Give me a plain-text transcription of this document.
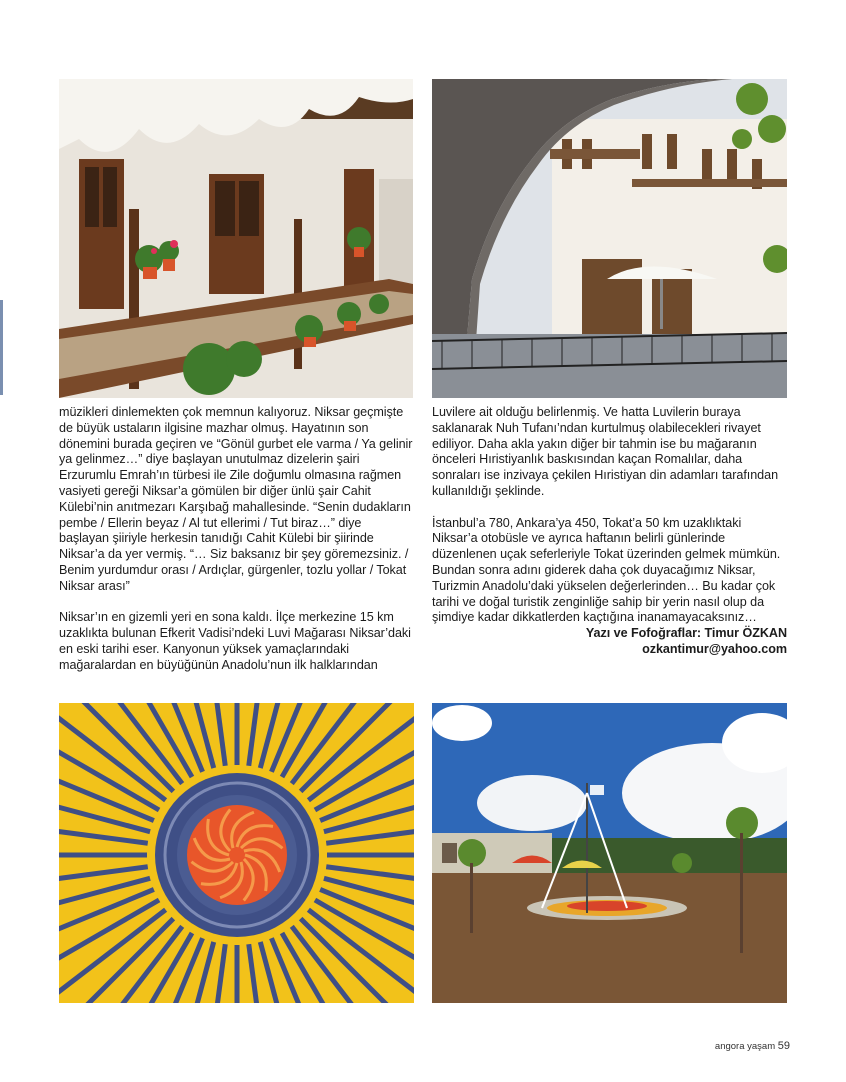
müzikleri dinlemekten çok memnun kalıyoruz. Niksar geçmişte de büyük ustaların ilgisine mazhar olmuş. Hayatının son dönemini burada geçiren ve “Gönül gurbet ele varma / Ya gelinir ya gelinmez…” diye başlayan unutulmaz dizelerin şairi Erzurumlu Emrah’ın türbesi ile Zile doğumlu olmasına rağmen vasiyeti gereği Niksar’a gömülen bir diğer ünlü şair Cahit Külebi’nin anıtmezarı Karşıbağ mahallesinde. “Senin dudakların pembe / Ellerin beyaz / Al tut ellerimi / Tut biraz…” diye başlayan şiiriyle herkesin tanıdığı Cahit Külebi bir şiirinde Niksar’a da yer vermiş. “… Siz baksanız bir şey göremezsiniz. / Benim yurdumdur orası / Ardıçlar, gürgenler, tozlu yollar / Tokat Niksar arası”

Niksar’ın en gizemli yeri en sona kaldı. İlçe merkezine 15 km uzaklıkta bulunan Efkerit Vadisi’ndeki Luvi Mağarası Niksar’daki en eski tarihi eser. Kanyonun yüksek yamaçlarındaki mağaralardan en büyüğünün Anadolu’nun ilk halklarından

Luvilere ait olduğu belirlenmiş. Ve hatta Luvilerin buraya saklanarak Nuh Tufanı’ndan kurtulmuş olabilecekleri rivayet ediliyor. Daha akla yakın diğer bir tahmin ise bu mağaranın önceleri Hıristiyanlık baskısından kaçan Romalılar, daha sonraları ise inzivaya çekilen Hıristiyan din adamları tarafından kullanıldığı şeklinde.

İstanbul’a 780, Ankara’ya 450, Tokat’a 50 km uzaklıktaki Niksar’a otobüsle ve ayrıca haftanın belirli günlerinde düzenlenen uçak seferleriyle Tokat üzerinden gelmek mümkün. Bundan sonra adını giderek daha çok duyacağımız Niksar, Turizmin Anadolu’daki yükselen değerlerinden… Bu kadar çok tarihi ve doğal turistik zenginliğe sahip bir yerin nasıl olup da şimdiye kadar dikkatlerden kaçtığına inanamayacaksınız…

Yazı ve Fofoğraflar: Timur ÖZKAN
ozkantimur@yahoo.com
angora yaşam 59
